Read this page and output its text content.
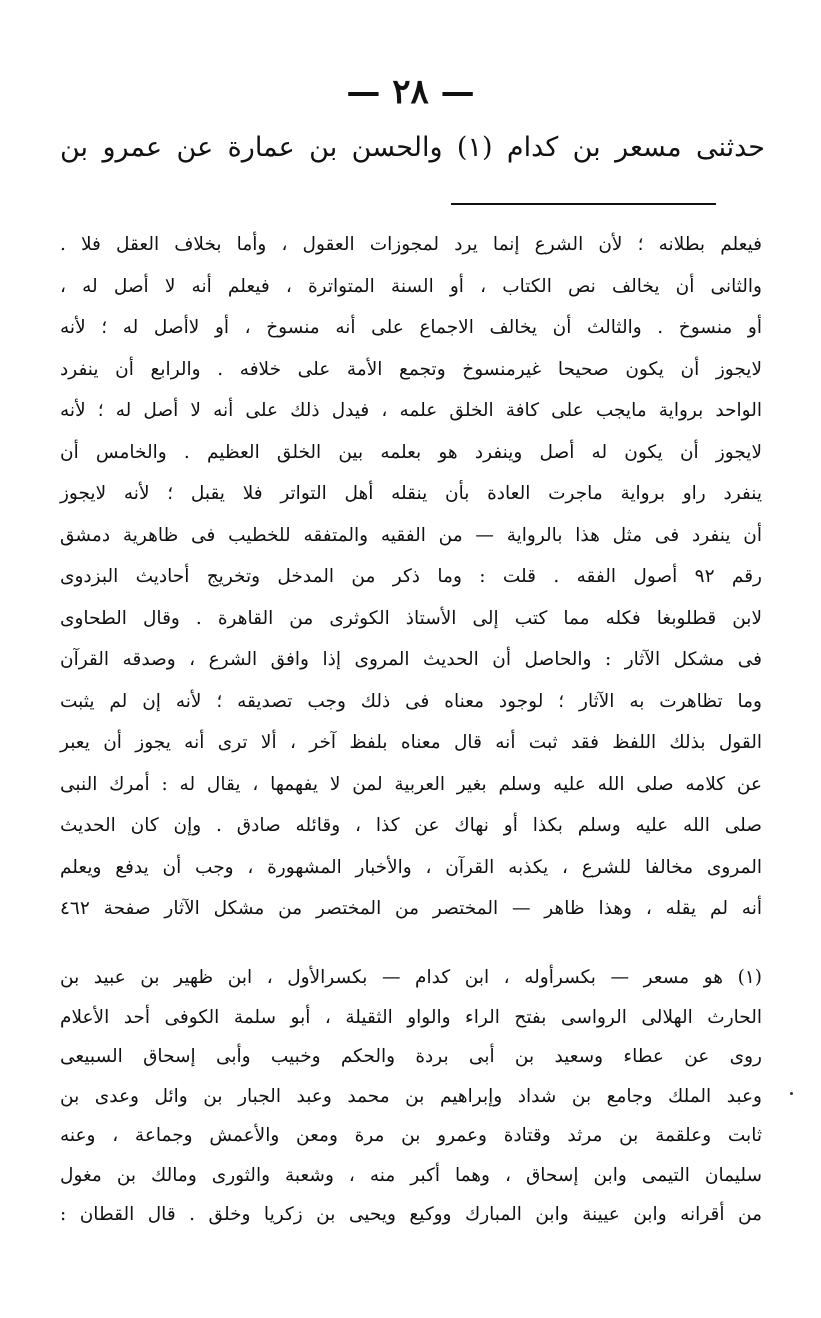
— ٢٨ —
حدثنى مسعر بن كدام (١) والحسن بن عمارة عن عمرو بن
فيعلم بطلانه ؛ لأن الشرع إنما يرد لمجوزات العقول ، وأما بخلاف العقل فلا .
والثانى أن يخالف نص الكتاب ، أو السنة المتواترة ، فيعلم أنه لا أصل له ،
أو منسوخ . والثالث أن يخالف الاجماع على أنه منسوخ ، أو لاأصل له ؛ لأنه
لايجوز أن يكون صحيحا غيرمنسوخ وتجمع الأمة على خلافه . والرابع أن ينفرد
الواحد برواية مايجب على كافة الخلق علمه ، فيدل ذلك على أنه لا أصل له ؛ لأنه
لايجوز أن يكون له أصل وينفرد هو بعلمه بين الخلق العظيم . والخامس أن
ينفرد راو برواية ماجرت العادة بأن ينقله أهل التواتر فلا يقبل ؛ لأنه لايجوز
أن ينفرد فى مثل هذا بالرواية — من الفقيه والمتفقه للخطيب فى ظاهرية دمشق
رقم ٩٢ أصول الفقه . قلت : وما ذكر من المدخل وتخريج أحاديث البزدوى
لابن قطلوبغا فكله مما كتب إلى الأستاذ الكوثرى من القاهرة . وقال الطحاوى
فى مشكل الآثار : والحاصل أن الحديث المروى إذا وافق الشرع ، وصدقه القرآن
وما تظاهرت به الآثار ؛ لوجود معناه فى ذلك وجب تصديقه ؛ لأنه إن لم يثبت
القول بذلك اللفظ فقد ثبت أنه قال معناه بلفظ آخر ، ألا ترى أنه يجوز أن يعبر
عن كلامه صلى الله عليه وسلم بغير العربية لمن لا يفهمها ، يقال له : أمرك النبى
صلى الله عليه وسلم بكذا أو نهاك عن كذا ، وقائله صادق . وإن كان الحديث
المروى مخالفا للشرع ، يكذبه القرآن ، والأخبار المشهورة ، وجب أن يدفع ويعلم
أنه لم يقله ، وهذا ظاهر — المختصر من المختصر من مشكل الآثار صفحة ٤٦٢
(١) هو مسعر — بكسرأوله ، ابن كدام — بكسرالأول ، ابن ظهير بن عبيد بن
الحارث الهلالى الرواسى بفتح الراء والواو الثقيلة ، أبو سلمة الكوفى أحد الأعلام
روى عن عطاء وسعيد بن أبى بردة والحكم وخبيب وأبى إسحاق السبيعى
وعبد الملك وجامع بن شداد وإبراهيم بن محمد وعبد الجبار بن وائل وعدى بن
ثابت وعلقمة بن مرثد وقتادة وعمرو بن مرة ومعن والأعمش وجماعة ، وعنه
سليمان التيمى وابن إسحاق ، وهما أكبر منه ، وشعبة والثورى ومالك بن مغول
من أقرانه وابن عيينة وابن المبارك ووكيع ويحيى بن زكريا وخلق . قال القطان :
